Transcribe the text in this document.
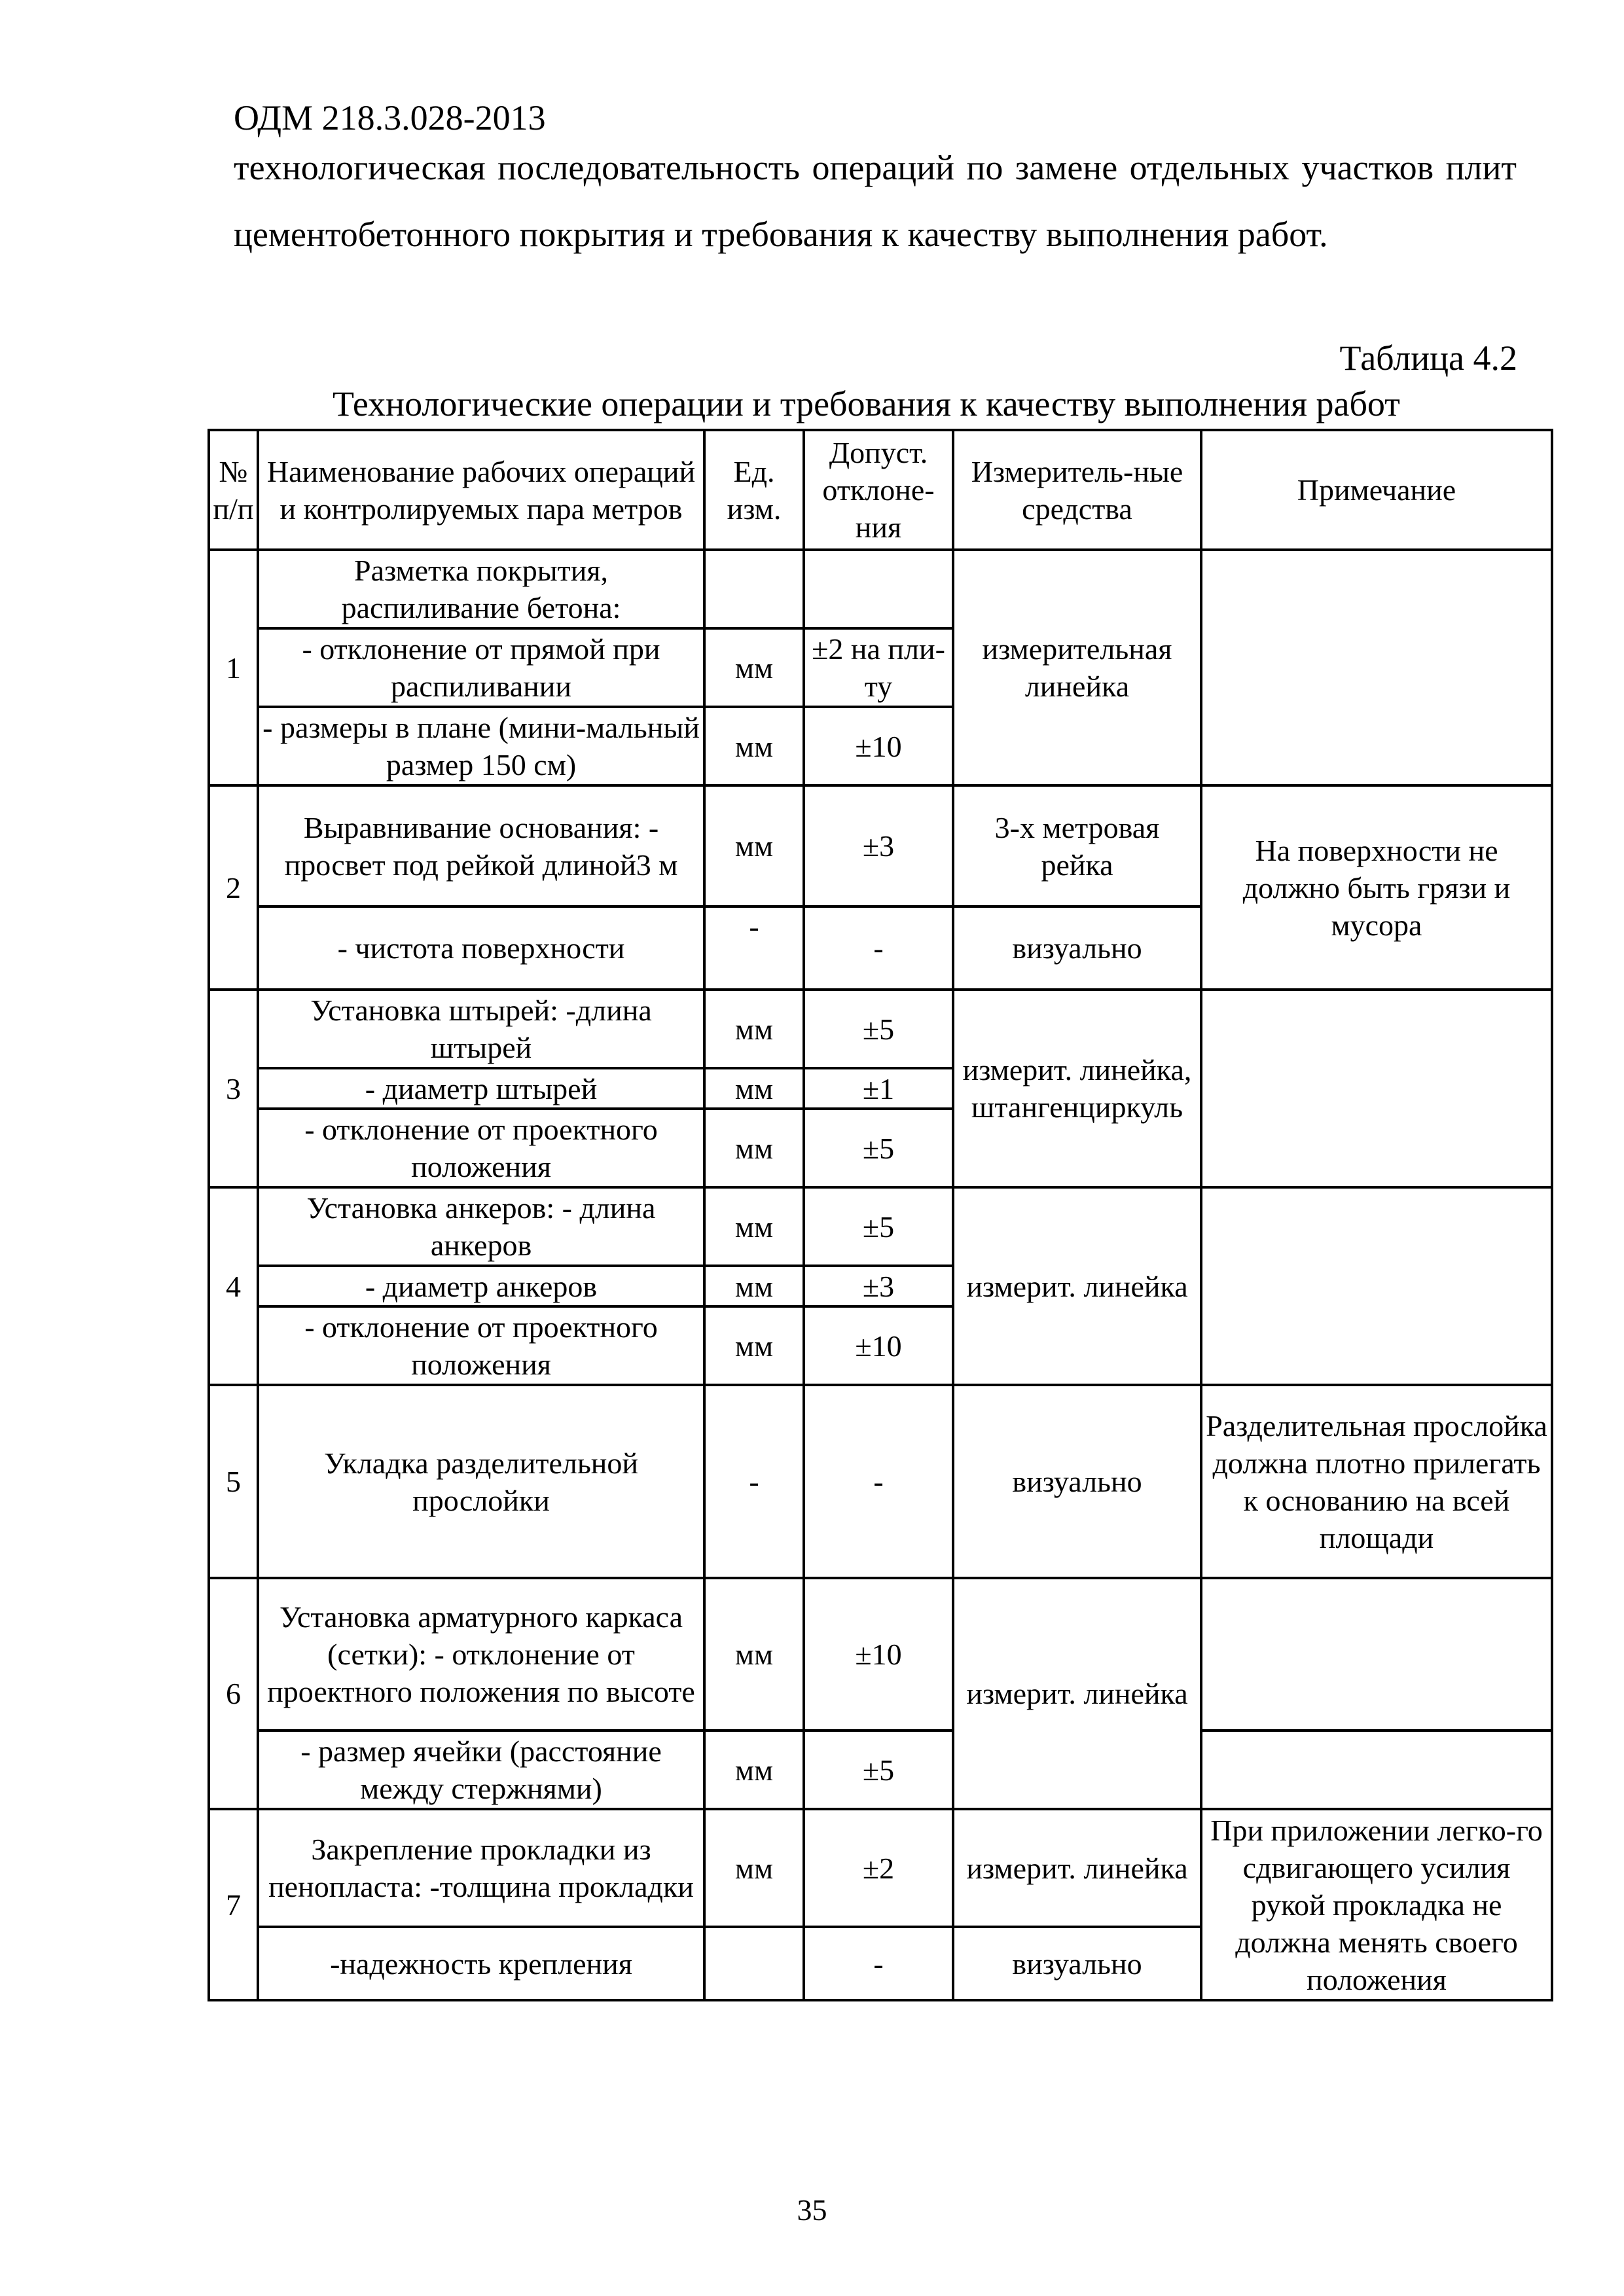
ОДМ 218.3.028-2013
технологическая последовательность операций по замене отдельных участков плит цементобетонного покрытия и требования к качеству выполнения работ.
Таблица 4.2
Технологические операции и требования к качеству выполнения работ
№ п/п	Наименование рабочих операций и контролируемых пара метров	Ед. изм.	Допуст. отклоне-ния	Измеритель-ные средства	Примечание
1	Разметка покрытия, распиливание бетона:			измерительная линейка	
	- отклонение от прямой при распиливании	мм	±2 на пли-ту		
	- размеры в плане (мини-мальный размер 150 см)	мм	±10		
2	Выравнивание основания: - просвет под рейкой длиной3 м	мм	±3	3-х метровая рейка	На поверхности не должно быть грязи и мусора
	- чистота поверхности	-	-	визуально	
3	Установка штырей: -длина штырей	мм	±5	измерит. линейка, штангенциркуль	
	- диаметр штырей	мм	±1		
	- отклонение от проектного положения	мм	±5		
4	Установка анкеров: - длина анкеров	мм	±5	измерит. линейка	
	- диаметр анкеров	мм	±3		
	- отклонение от проектного положения	мм	±10		
5	Укладка разделительной прослойки	-	-	визуально	Разделительная прослойка должна плотно прилегать к основанию на всей площади
6	Установка арматурного каркаса (сетки): - отклонение от проектного положения по высоте	мм	±10	измерит. линейка	
	- размер ячейки (расстояние между стержнями)	мм	±5		
7	Закрепление прокладки из пенопласта: -толщина прокладки	мм	±2	измерит. линейка	При приложении легко-го сдвигающего усилия рукой прокладка не должна менять своего положения
	-надежность крепления		-	визуально	
35
